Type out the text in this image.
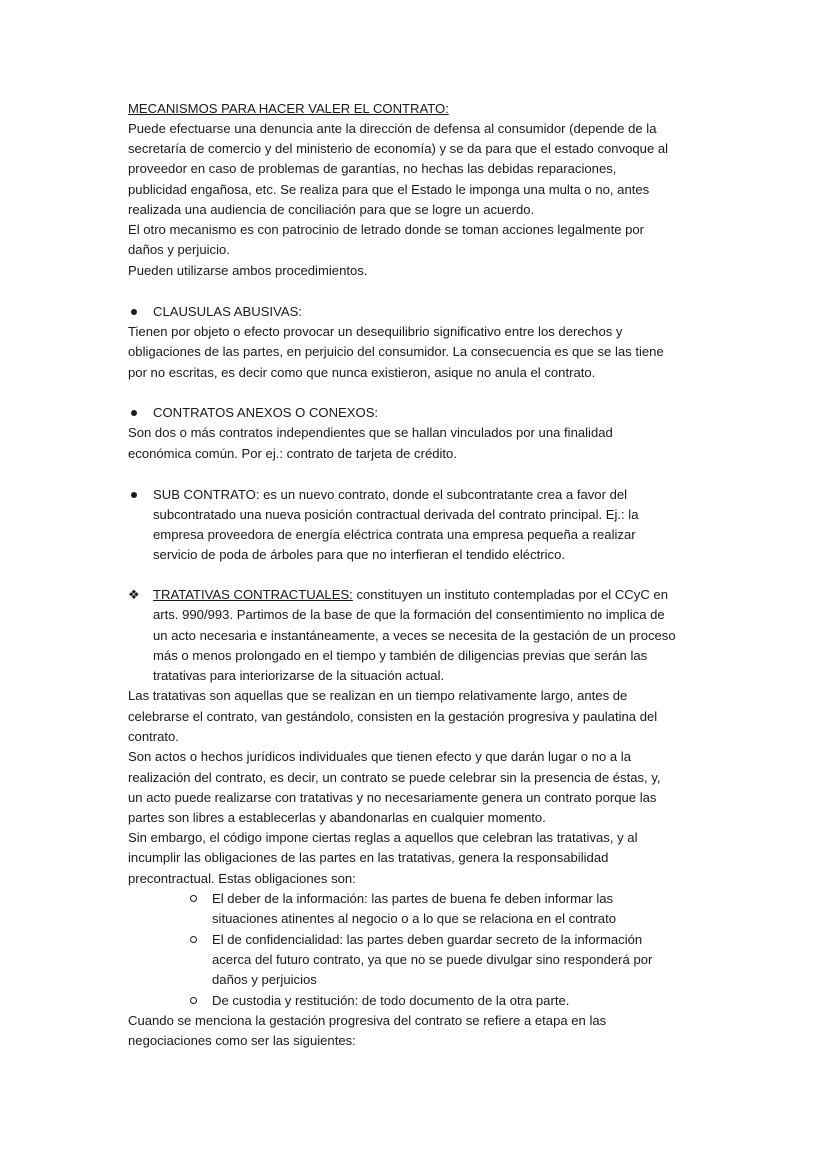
MECANISMOS PARA HACER VALER EL CONTRATO:
Puede efectuarse una denuncia ante la dirección de defensa al consumidor (depende de la
secretaría de comercio y del ministerio de economía) y se da para que el estado convoque al
proveedor en caso de problemas de garantías, no hechas las debidas reparaciones,
publicidad engañosa, etc. Se realiza para que el Estado le imponga una multa o no, antes
realizada una audiencia de conciliación para que se logre un acuerdo.
El otro mecanismo es con patrocinio de letrado donde se toman acciones legalmente por
daños y perjuicio.
Pueden utilizarse ambos procedimientos.
CLAUSULAS ABUSIVAS:
Tienen por objeto o efecto provocar un desequilibrio significativo entre los derechos y
obligaciones de las partes, en perjuicio del consumidor. La consecuencia es que se las tiene
por no escritas, es decir como que nunca existieron, asique no anula el contrato.
CONTRATOS ANEXOS O CONEXOS:
Son dos o más contratos independientes que se hallan vinculados por una finalidad
económica común. Por ej.: contrato de tarjeta de crédito.
SUB CONTRATO: es un nuevo contrato, donde el subcontratante crea a favor del
subcontratado una nueva posición contractual derivada del contrato principal. Ej.: la
empresa proveedora de energía eléctrica contrata una empresa pequeña a realizar
servicio de poda de árboles para que no interfieran el tendido eléctrico.
❖ TRATATIVAS CONTRACTUALES: constituyen un instituto contempladas por el CCyC en
arts. 990/993. Partimos de la base de que la formación del consentimiento no implica de
un acto necesaria e instantáneamente, a veces se necesita de la gestación de un proceso
más o menos prolongado en el tiempo y también de diligencias previas que serán las
tratativas para interiorizarse de la situación actual.
Las tratativas son aquellas que se realizan en un tiempo relativamente largo, antes de
celebrarse el contrato, van gestándolo, consisten en la gestación progresiva y paulatina del
contrato.
Son actos o hechos jurídicos individuales que tienen efecto y que darán lugar o no a la
realización del contrato, es decir, un contrato se puede celebrar sin la presencia de éstas, y,
un acto puede realizarse con tratativas y no necesariamente genera un contrato porque las
partes son libres a establecerlas y abandonarlas en cualquier momento.
Sin embargo, el código impone ciertas reglas a aquellos que celebran las tratativas, y al
incumplir las obligaciones de las partes en las tratativas, genera la responsabilidad
precontractual. Estas obligaciones son:
El deber de la información: las partes de buena fe deben informar las
situaciones atinentes al negocio o a lo que se relaciona en el contrato
El de confidencialidad: las partes deben guardar secreto de la información
acerca del futuro contrato, ya que no se puede divulgar sino responderá por
daños y perjuicios
De custodia y restitución: de todo documento de la otra parte.
Cuando se menciona la gestación progresiva del contrato se refiere a etapa en las
negociaciones como ser las siguientes:
